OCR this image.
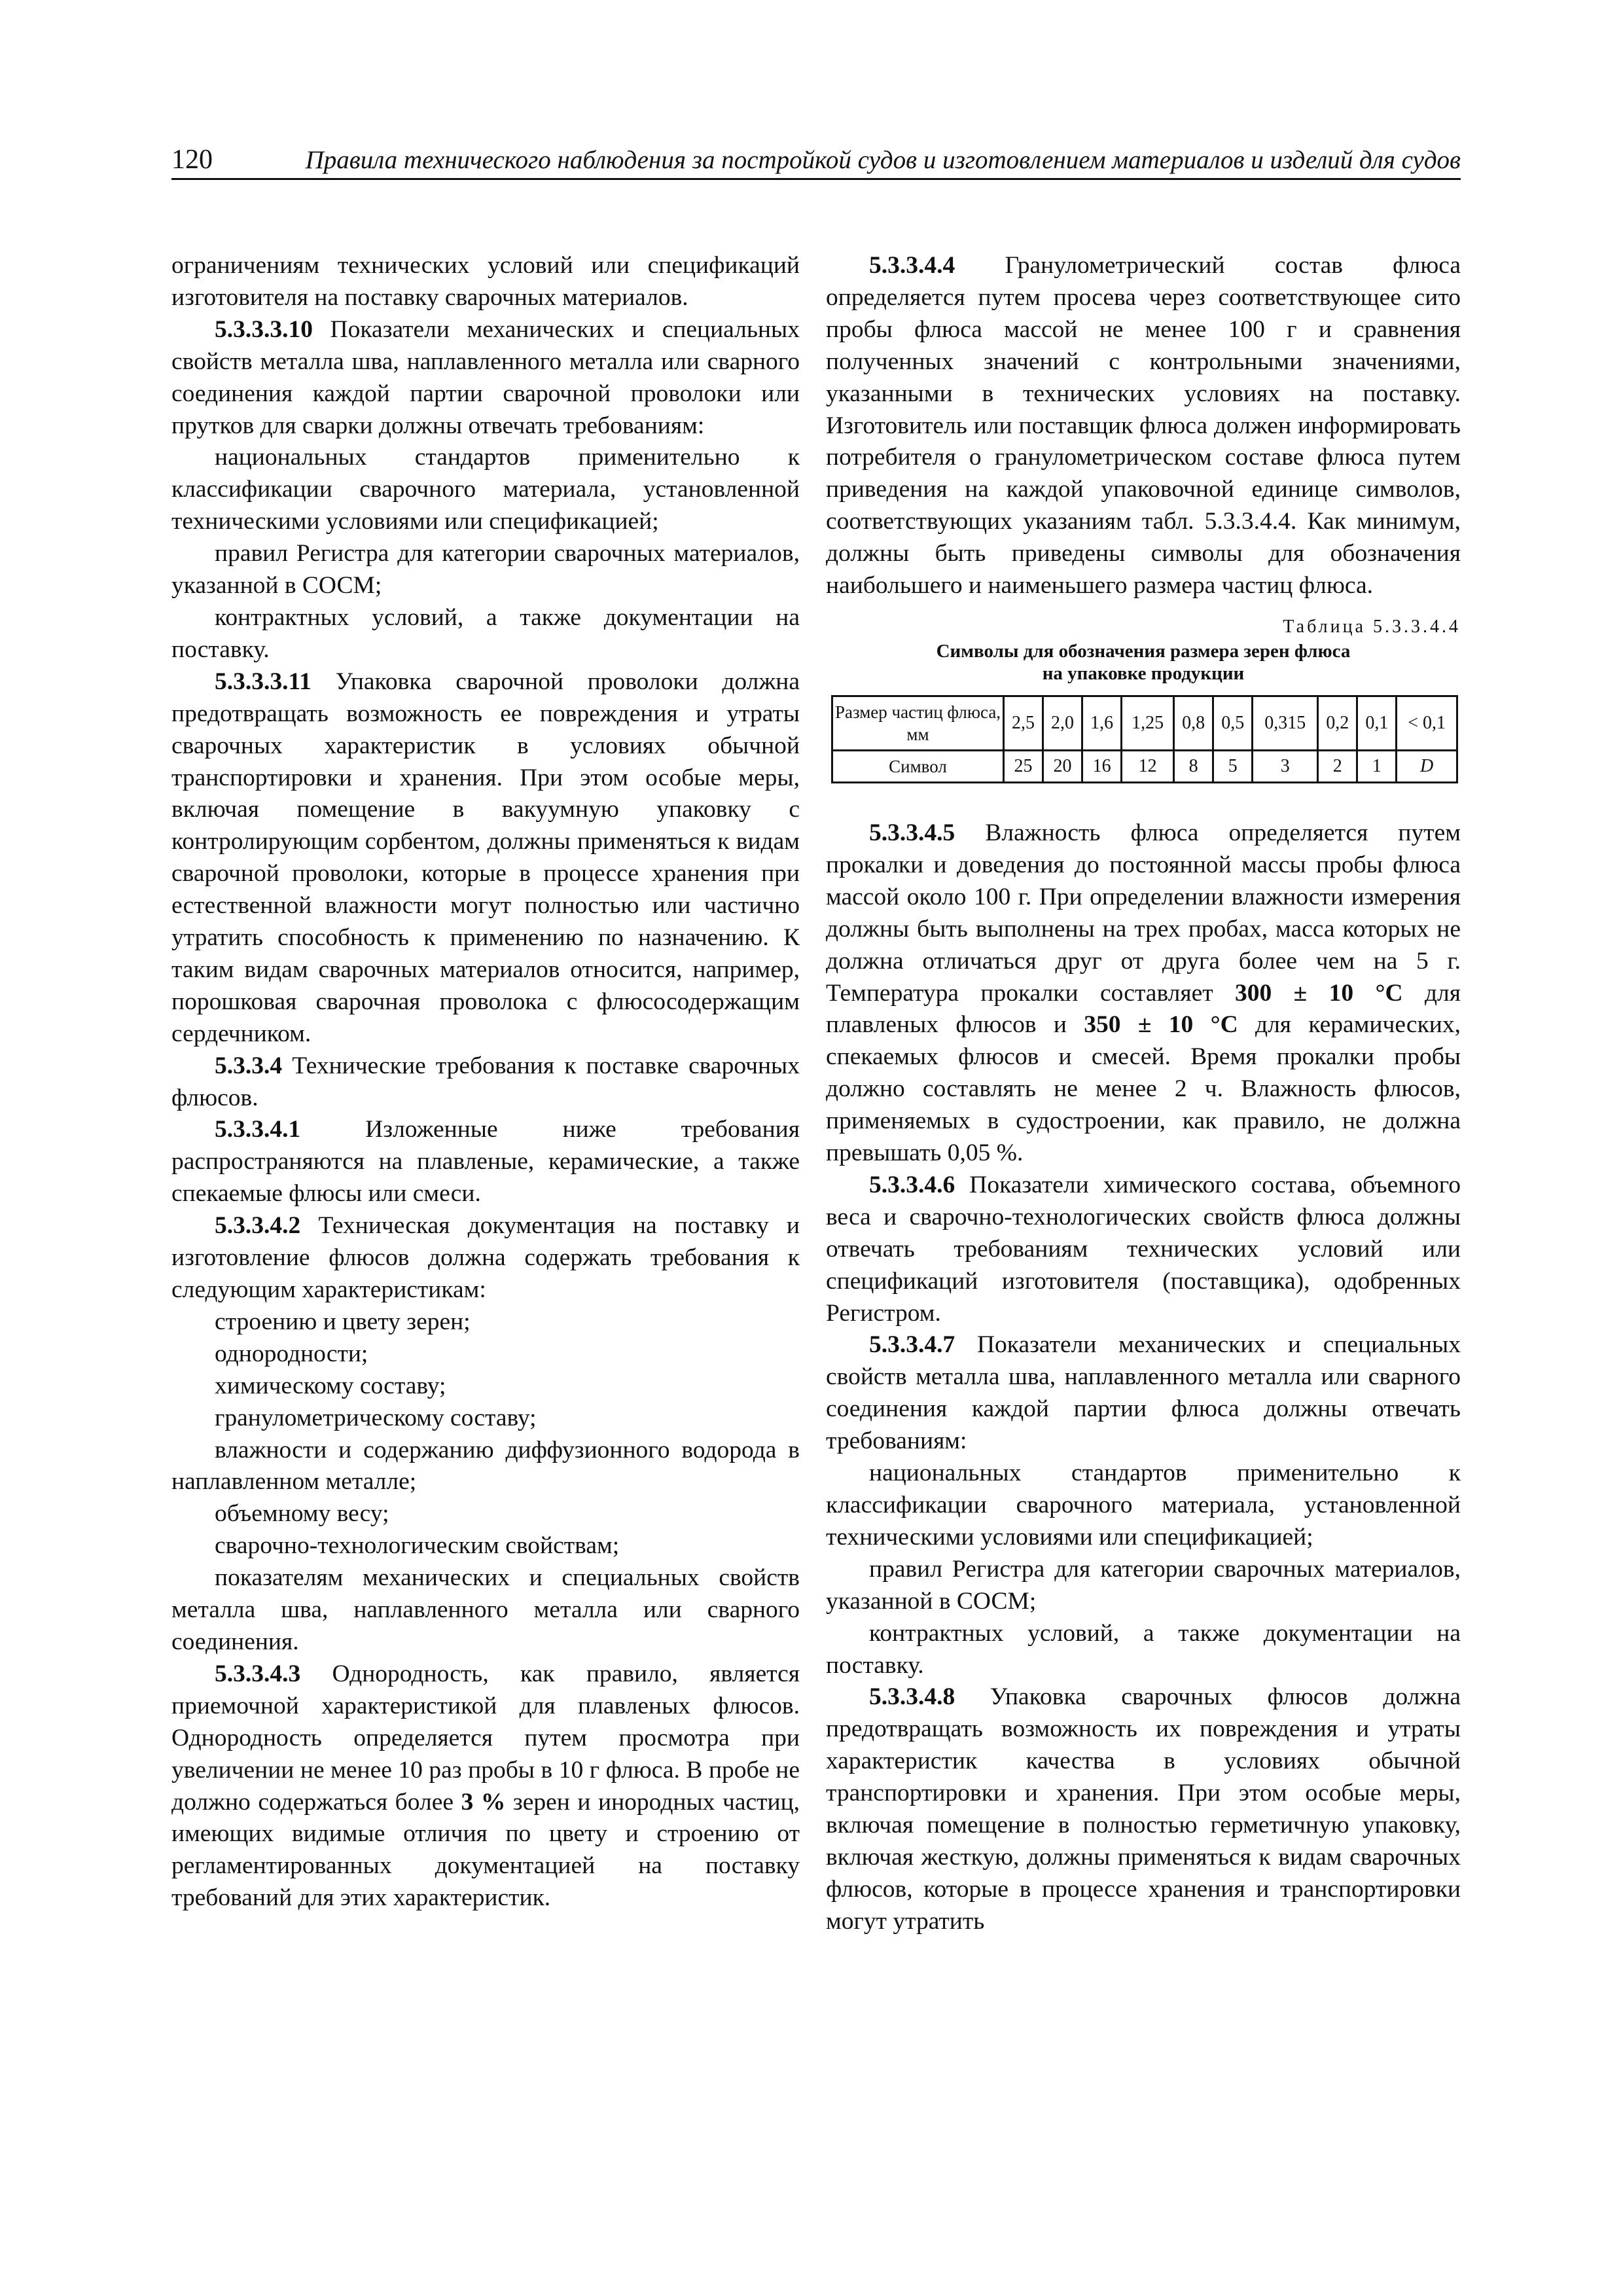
120	Правила технического наблюдения за постройкой судов и изготовлением материалов и изделий для судов

ограничениям технических условий или спецификаций изготовителя на поставку сварочных материалов.

5.3.3.3.10 Показатели механических и специальных свойств металла шва, наплавленного металла или сварного соединения каждой партии сварочной проволоки или прутков для сварки должны отвечать требованиям:

национальных стандартов применительно к классификации сварочного материала, установленной техническими условиями или спецификацией;

правил Регистра для категории сварочных материалов, указанной в СОСМ;

контрактных условий, а также документации на поставку.

5.3.3.3.11 Упаковка сварочной проволоки должна предотвращать возможность ее повреждения и утраты сварочных характеристик в условиях обычной транспортировки и хранения. При этом особые меры, включая помещение в вакуумную упаковку с контролирующим сорбентом, должны применяться к видам сварочной проволоки, которые в процессе хранения при естественной влажности могут полностью или частично утратить способность к применению по назначению. К таким видам сварочных материалов относится, например, порошковая сварочная проволока с флюсосодержащим сердечником.

5.3.3.4 Технические требования к поставке сварочных флюсов.

5.3.3.4.1 Изложенные ниже требования распространяются на плавленые, керамические, а также спекаемые флюсы или смеси.

5.3.3.4.2 Техническая документация на поставку и изготовление флюсов должна содержать требования к следующим характеристикам:

строению и цвету зерен;

однородности;

химическому составу;

гранулометрическому составу;

влажности и содержанию диффузионного водорода в наплавленном металле;

объемному весу;

сварочно-технологическим свойствам;

показателям механических и специальных свойств металла шва, наплавленного металла или сварного соединения.

5.3.3.4.3 Однородность, как правило, является приемочной характеристикой для плавленых флюсов. Однородность определяется путем просмотра при увеличении не менее 10 раз пробы в 10 г флюса. В пробе не должно содержаться более 3 % зерен и инородных частиц, имеющих видимые отличия по цвету и строению от регламентированных документацией на поставку требований для этих характеристик.

5.3.3.4.4 Гранулометрический состав флюса определяется путем просева через соответствующее сито пробы флюса массой не менее 100 г и сравнения полученных значений с контрольными значениями, указанными в технических условиях на поставку. Изготовитель или поставщик флюса должен информировать потребителя о гранулометрическом составе флюса путем приведения на каждой упаковочной единице символов, соответствующих указаниям табл. 5.3.3.4.4. Как минимум, должны быть приведены символы для обозначения наибольшего и наименьшего размера частиц флюса.

Таблица 5.3.3.4.4
Символы для обозначения размера зерен флюса
на упаковке продукции
Размер частиц флюса, мм	2,5	2,0	1,6	1,25	0,8	0,5	0,315	0,2	0,1	< 0,1
Символ	25	20	16	12	8	5	3	2	1	D

5.3.3.4.5 Влажность флюса определяется путем прокалки и доведения до постоянной массы пробы флюса массой около 100 г. При определении влажности измерения должны быть выполнены на трех пробах, масса которых не должна отличаться друг от друга более чем на 5 г. Температура прокалки составляет 300 ± 10 °С для плавленых флюсов и 350 ± 10 °С для керамических, спекаемых флюсов и смесей. Время прокалки пробы должно составлять не менее 2 ч. Влажность флюсов, применяемых в судостроении, как правило, не должна превышать 0,05 %.

5.3.3.4.6 Показатели химического состава, объемного веса и сварочно-технологических свойств флюса должны отвечать требованиям технических условий или спецификаций изготовителя (поставщика), одобренных Регистром.

5.3.3.4.7 Показатели механических и специальных свойств металла шва, наплавленного металла или сварного соединения каждой партии флюса должны отвечать требованиям:

национальных стандартов применительно к классификации сварочного материала, установленной техническими условиями или спецификацией;

правил Регистра для категории сварочных материалов, указанной в СОСМ;

контрактных условий, а также документации на поставку.

5.3.3.4.8 Упаковка сварочных флюсов должна предотвращать возможность их повреждения и утраты характеристик качества в условиях обычной транспортировки и хранения. При этом особые меры, включая помещение в полностью герметичную упаковку, включая жесткую, должны применяться к видам сварочных флюсов, которые в процессе хранения и транспортировки могут утратить
